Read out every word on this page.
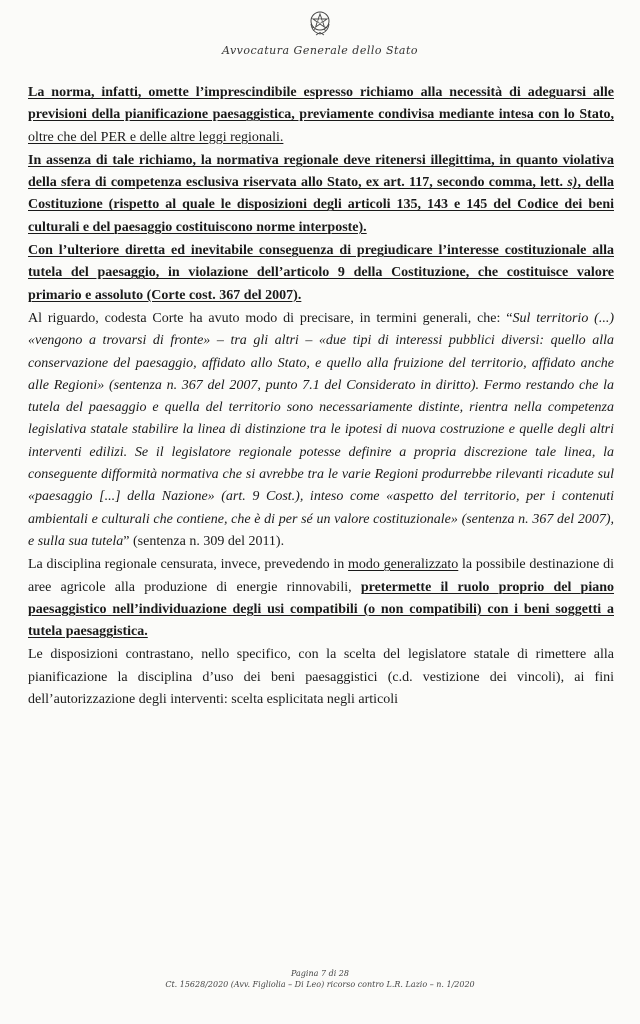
Avvocatura Generale dello Stato

La norma, infatti, omette l’imprescindibile espresso richiamo alla necessità di adeguarsi alle previsioni della pianificazione paesaggistica, previamente condivisa mediante intesa con lo Stato, oltre che del PER e delle altre leggi regionali.

In assenza di tale richiamo, la normativa regionale deve ritenersi illegittima, in quanto violativa della sfera di competenza esclusiva riservata allo Stato, ex art. 117, secondo comma, lett. s), della Costituzione (rispetto al quale le disposizioni degli articoli 135, 143 e 145 del Codice dei beni culturali e del paesaggio costituiscono norme interposte).

Con l’ulteriore diretta ed inevitabile conseguenza di pregiudicare l’interesse costituzionale alla tutela del paesaggio, in violazione dell’articolo 9 della Costituzione, che costituisce valore primario e assoluto (Corte cost. 367 del 2007).

Al riguardo, codesta Corte ha avuto modo di precisare, in termini generali, che: “Sul territorio (...) «vengono a trovarsi di fronte» – tra gli altri – «due tipi di interessi pubblici diversi: quello alla conservazione del paesaggio, affidato allo Stato, e quello alla fruizione del territorio, affidato anche alle Regioni» (sentenza n. 367 del 2007, punto 7.1 del Considerato in diritto). Fermo restando che la tutela del paesaggio e quella del territorio sono necessariamente distinte, rientra nella competenza legislativa statale stabilire la linea di distinzione tra le ipotesi di nuova costruzione e quelle degli altri interventi edilizi. Se il legislatore regionale potesse definire a propria discrezione tale linea, la conseguente difformità normativa che si avrebbe tra le varie Regioni produrrebbe rilevanti ricadute sul «paesaggio [...] della Nazione» (art. 9 Cost.), inteso come «aspetto del territorio, per i contenuti ambientali e culturali che contiene, che è di per sé un valore costituzionale» (sentenza n. 367 del 2007), e sulla sua tutela” (sentenza n. 309 del 2011).

La disciplina regionale censurata, invece, prevedendo in modo generalizzato la possibile destinazione di aree agricole alla produzione di energie rinnovabili, pretermette il ruolo proprio del piano paesaggistico nell’individuazione degli usi compatibili (o non compatibili) con i beni soggetti a tutela paesaggistica.

Le disposizioni contrastano, nello specifico, con la scelta del legislatore statale di rimettere alla pianificazione la disciplina d’uso dei beni paesaggistici (c.d. vestizione dei vincoli), ai fini dell’autorizzazione degli interventi: scelta esplicitata negli articoli

Pagina 7 di 28
Ct. 15628/2020 (Avv. Figliolia – Di Leo) ricorso contro L.R. Lazio – n. 1/2020
